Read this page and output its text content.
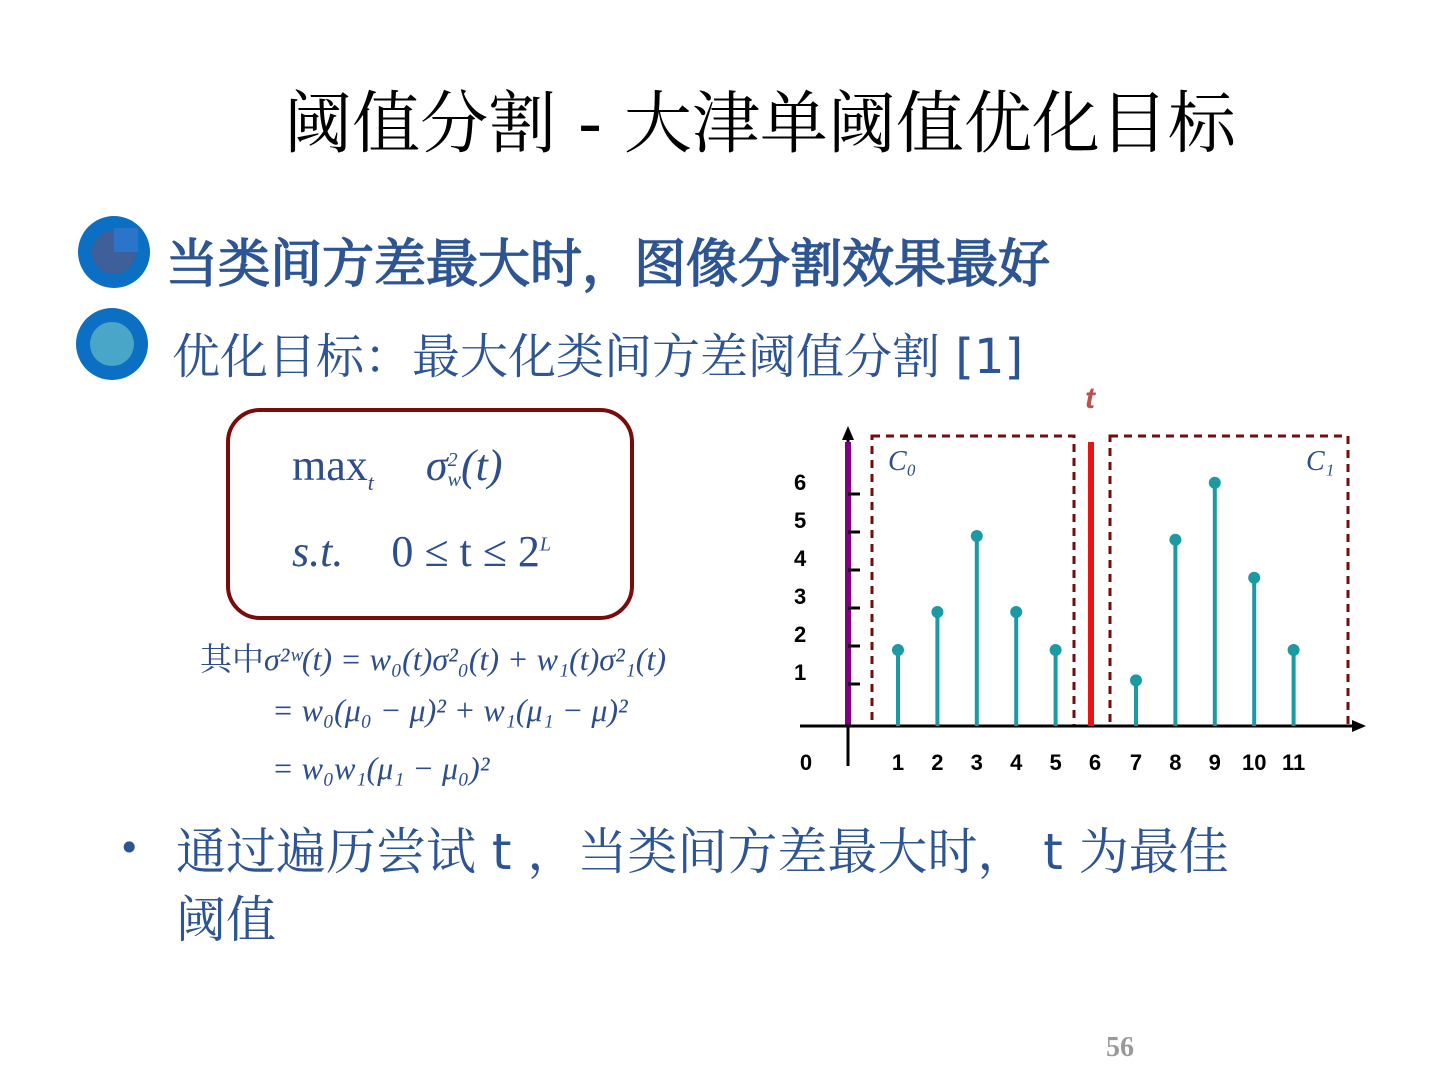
阈值分割 - 大津单阈值优化目标
当类间方差最大时，图像分割效果最好
优化目标：最大化类间方差阈值分割 [1]
$\max_t \sigma$ 2
w (t)
s.t. $0 \le t \le 2^L$
其中σ²ʷ(t) = w₀(t)σ²₀(t) + w₁(t)σ²₁(t)
= w₀(μ₀ − μ)² + w₁(μ₁ − μ)²
= w₀w₁(μ₁ − μ₀)²
C₀	C₁
t
1
2
3
4
5
6
0	1 2 3 4 5 6 7 8 9 10 11
• 通过遍历尝试 t ，当类间方差最大时， t 为最佳阈值
56
